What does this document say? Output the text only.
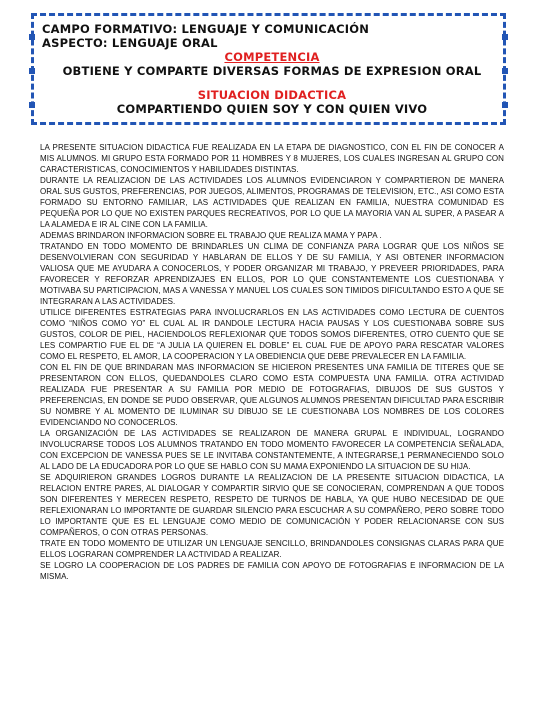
CAMPO FORMATIVO: LENGUAJE Y COMUNICACIÓN
ASPECTO: LENGUAJE ORAL
COMPETENCIA
OBTIENE Y COMPARTE DIVERSAS FORMAS DE EXPRESION ORAL
SITUACION DIDACTICA
COMPARTIENDO QUIEN SOY Y CON QUIEN VIVO

LA PRESENTE SITUACION DIDACTICA FUE REALIZADA EN LA ETAPA DE DIAGNOSTICO, CON EL FIN DE CONOCER A MIS ALUMNOS. MI GRUPO ESTA FORMADO POR 11 HOMBRES Y 8 MUJERES, LOS CUALES INGRESAN AL GRUPO CON CARACTERISTICAS, CONOCIMIENTOS Y HABILIDADES DISTINTAS.

DURANTE LA REALIZACION DE LAS ACTIVIDADES LOS ALUMNOS EVIDENCIARON Y COMPARTIERON DE MANERA ORAL SUS GUSTOS, PREFERENCIAS, POR JUEGOS, ALIMENTOS, PROGRAMAS DE TELEVISION, ETC., ASI COMO ESTA FORMADO SU ENTORNO FAMILIAR, LAS ACTIVIDADES QUE REALIZAN EN FAMILIA, NUESTRA COMUNIDAD ES PEQUEÑA POR LO QUE NO EXISTEN PARQUES RECREATIVOS, POR LO QUE LA MAYORIA VAN AL SUPER, A PASEAR A LA ALAMEDA E IR AL CINE CON LA FAMILIA.

ADEMAS BRINDARON INFORMACION SOBRE EL TRABAJO QUE REALIZA MAMA Y PAPA .

TRATANDO EN TODO MOMENTO DE BRINDARLES UN CLIMA DE CONFIANZA PARA LOGRAR QUE LOS NIÑOS SE DESENVOLVIERAN CON SEGURIDAD Y HABLARAN DE ELLOS Y DE SU FAMILIA, Y ASI OBTENER INFORMACION VALIOSA QUE ME AYUDARA A CONOCERLOS, Y PODER ORGANIZAR MI TRABAJO, Y PREVEER PRIORIDADES, PARA FAVORECER Y REFORZAR APRENDIZAJES EN ELLOS, POR LO QUE CONSTANTEMENTE LOS CUESTIONABA Y MOTIVABA SU PARTICIPACION, MAS A VANESSA Y MANUEL LOS CUALES SON TIMIDOS DIFICULTANDO ESTO A QUE SE INTEGRARAN A LAS ACTIVIDADES.

UTILICE DIFERENTES ESTRATEGIAS PARA INVOLUCRARLOS EN LAS ACTIVIDADES COMO LECTURA DE CUENTOS COMO “NIÑOS COMO YO” EL CUAL AL IR DANDOLE LECTURA HACIA PAUSAS Y LOS CUESTIONABA SOBRE SUS GUSTOS, COLOR DE PIEL, HACIENDOLOS REFLEXIONAR QUE TODOS SOMOS DIFERENTES, OTRO CUENTO QUE SE LES COMPARTIO FUE EL DE “A JULIA LA QUIEREN EL DOBLE” EL CUAL FUE DE APOYO PARA RESCATAR VALORES COMO EL RESPETO, EL AMOR, LA COOPERACION Y LA OBEDIENCIA QUE DEBE PREVALECER EN LA FAMILIA.

CON EL FIN DE QUE BRINDARAN MAS INFORMACION SE HICIERON PRESENTES UNA FAMILIA DE TITERES QUE SE PRESENTARON CON ELLOS, QUEDANDOLES CLARO COMO ESTA COMPUESTA UNA FAMILIA. OTRA ACTIVIDAD REALIZADA FUE PRESENTAR A SU FAMILIA POR MEDIO DE FOTOGRAFIAS, DIBUJOS DE SUS GUSTOS Y PREFERENCIAS, EN DONDE SE PUDO OBSERVAR, QUE ALGUNOS ALUMNOS PRESENTAN DIFICULTAD PARA ESCRIBIR SU NOMBRE Y AL MOMENTO DE ILUMINAR SU DIBUJO SE LE CUESTIONABA LOS NOMBRES DE LOS COLORES EVIDENCIANDO NO CONOCERLOS.

LA ORGANIZACIÓN DE LAS ACTIVIDADES SE REALIZARON DE MANERA GRUPAL E INDIVIDUAL, LOGRANDO INVOLUCRARSE TODOS LOS ALUMNOS TRATANDO EN TODO MOMENTO FAVORECER LA COMPETENCIA SEÑALADA, CON EXCEPCION DE VANESSA PUES SE LE INVITABA CONSTANTEMENTE, A INTEGRARSE,1 PERMANECIENDO SOLO AL LADO DE LA EDUCADORA POR LO QUE SE HABLO CON SU MAMA EXPONIENDO LA SITUACION DE SU HIJA.

SE ADQUIRIERON GRANDES LOGROS DURANTE LA REALIZACION DE LA PRESENTE SITUACION DIDACTICA, LA RELACION ENTRE PARES, AL DIALOGAR Y COMPARTIR SIRVIO QUE SE CONOCIERAN, COMPRENDAN A QUE TODOS SON DIFERENTES Y MERECEN RESPETO, RESPETO DE TURNOS DE HABLA, YA QUE HUBO NECESIDAD DE QUE REFLEXIONARAN LO IMPORTANTE DE GUARDAR SILENCIO PARA ESCUCHAR A SU COMPAÑERO, PERO SOBRE TODO LO IMPORTANTE QUE ES EL LENGUAJE COMO MEDIO DE COMUNICACIÓN Y PODER RELACIONARSE CON SUS COMPAÑEROS, O CON OTRAS PERSONAS.

TRATE EN TODO MOMENTO DE UTILIZAR UN LENGUAJE SENCILLO, BRINDANDOLES CONSIGNAS CLARAS PARA QUE ELLOS LOGRARAN COMPRENDER LA ACTIVIDAD A REALIZAR.

SE LOGRO LA COOPERACION DE LOS PADRES DE FAMILIA CON APOYO DE FOTOGRAFIAS E INFORMACION DE LA MISMA.
